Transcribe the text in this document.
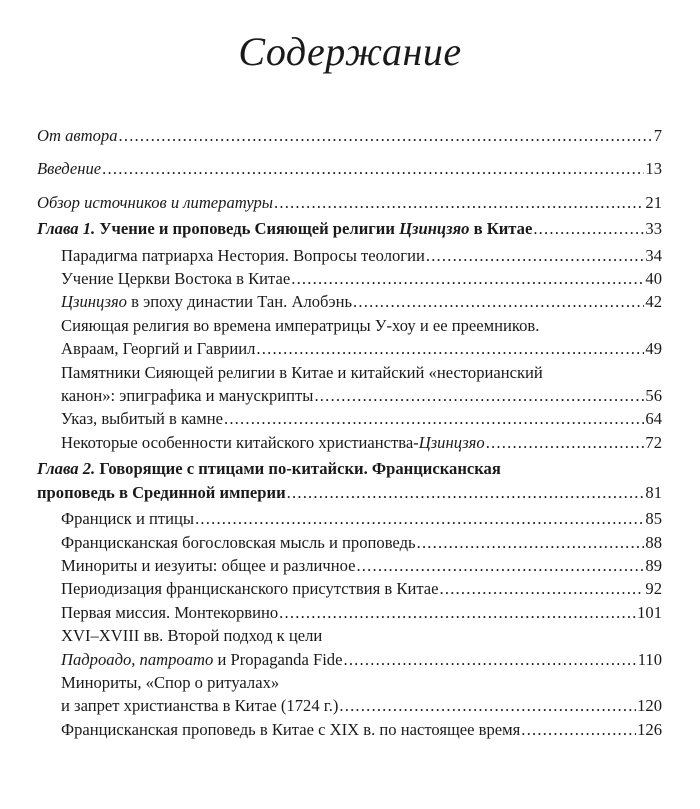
Содержание
От автора .....	7
Введение .....	13
Обзор источников и литературы .....	21
Глава 1.
Учение и проповедь Сияющей религии Цзинцзяо в Китае .....	33
Парадигма патриарха Нестория. Вопросы теологии .....	34
Учение Церкви Востока в Китае .....	40
Цзинцзяо в эпоху династии Тан. Алобэнь .....	42
Сияющая религия во времена императрицы У-хоу и ее преемников.
Авраам, Георгий и Гавриил .....	49
Памятники Сияющей религии в Китае и китайский «несторианский
канон»: эпиграфика и манускрипты .....	56
Указ, выбитый в камне .....	64
Некоторые особенности китайского христианства-Цзинцзяо .....	72
Глава 2. Говорящие с птицами по-китайски. Францисканская
проповедь в Срединной империи .....	81
Франциск и птицы .....	85
Францисканская богословская мысль и проповедь .....	88
Минориты и иезуиты: общее и различное .....	89
Периодизация францисканского присутствия в Китае .....	92
Первая миссия. Монтекорвино .....	101
XVI–XVIII вв. Второй подход к цели
Падроадо, патроато и Propaganda Fide .....	110
Минориты, «Спор о ритуалах»
и запрет христианства в Китае (1724 г.) .....	120
Францисканская проповедь в Китае с XIX в. по настоящее время .....	126
